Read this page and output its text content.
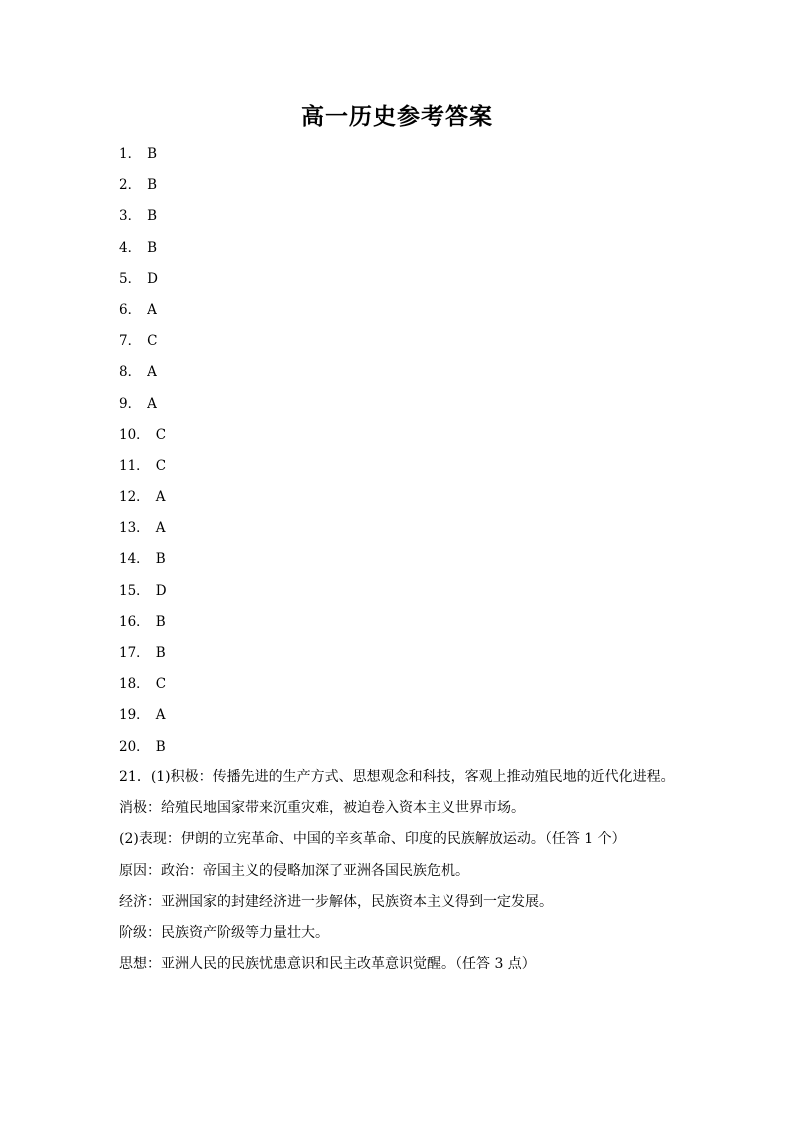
高一历史参考答案
1． B
2． B
3． B
4． B
5． D
6． A
7． C
8． A
9． A
10． C
11． C
12． A
13． A
14． B
15． D
16． B
17． B
18． C
19． A
20． B
21．(1)积极：传播先进的生产方式、思想观念和科技，客观上推动殖民地的近代化进程。
消极：给殖民地国家带来沉重灾难，被迫卷入资本主义世界市场。
(2)表现：伊朗的立宪革命、中国的辛亥革命、印度的民族解放运动。（任答 1 个）
原因：政治：帝国主义的侵略加深了亚洲各国民族危机。
经济：亚洲国家的封建经济进一步解体，民族资本主义得到一定发展。
阶级：民族资产阶级等力量壮大。
思想：亚洲人民的民族忧患意识和民主改革意识觉醒。（任答 3 点）
